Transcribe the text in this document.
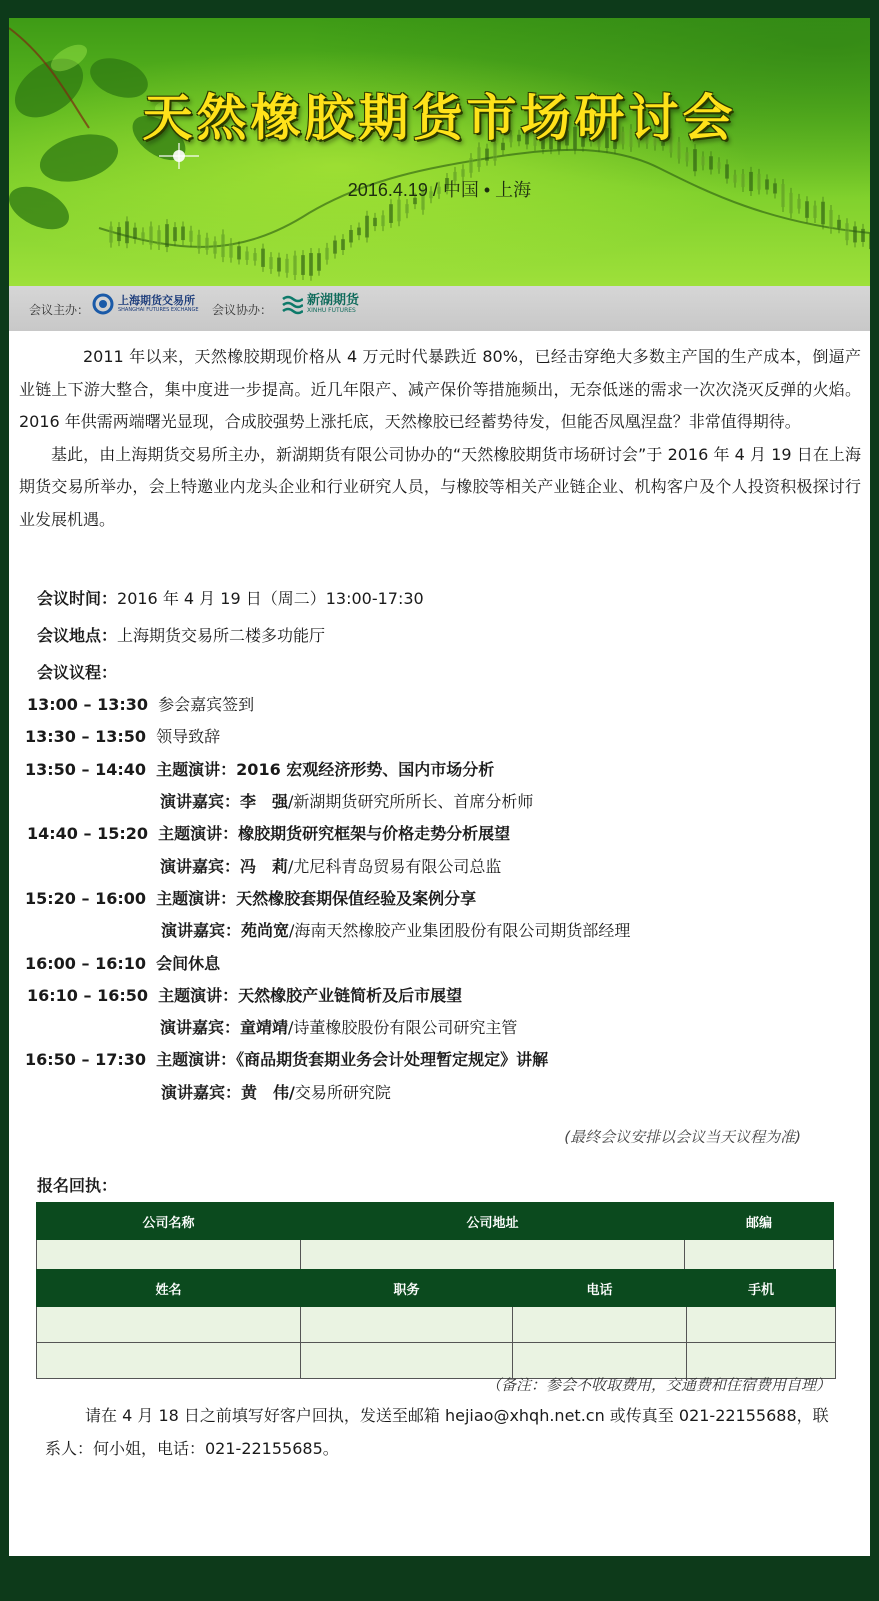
天然橡胶期货市场研讨会
2016.4.19 / 中国 • 上海
会议主办：
上海期货交易所
SHANGHAI FUTURES EXCHANGE 会议协办：
新湖期货
XINHU FUTURES

2011 年以来，天然橡胶期现价格从 4 万元时代暴跌近 80%，已经击穿绝大多数主产国的生产成本，倒逼产业链上下游大整合，集中度进一步提高。近几年限产、减产保价等措施频出，无奈低迷的需求一次次浇灭反弹的火焰。2016 年供需两端曙光显现，合成胶强势上涨托底，天然橡胶已经蓄势待发，但能否凤凰涅盘？非常值得期待。

基此，由上海期货交易所主办，新湖期货有限公司协办的“天然橡胶期货市场研讨会”于 2016 年 4 月 19 日在上海期货交易所举办，会上特邀业内龙头企业和行业研究人员，与橡胶等相关产业链企业、机构客户及个人投资积极探讨行业发展机遇。

会议时间：2016 年 4 月 19 日（周二）13:00-17:30
会议地点：上海期货交易所二楼多功能厅
会议议程：
13:00 – 13:30 参会嘉宾签到
13:30 – 13:50 领导致辞
13:50 – 14:40 主题演讲：2016 宏观经济形势、国内市场分析
演讲嘉宾：李　强/新湖期货研究所所长、首席分析师
14:40 – 15:20 主题演讲：橡胶期货研究框架与价格走势分析展望
演讲嘉宾：冯　莉/尤尼科青岛贸易有限公司总监
15:20 – 16:00 主题演讲：天然橡胶套期保值经验及案例分享
演讲嘉宾：苑尚宽/海南天然橡胶产业集团股份有限公司期货部经理
16:00 – 16:10 会间休息
16:10 – 16:50 主题演讲：天然橡胶产业链简析及后市展望
演讲嘉宾：童靖靖/诗董橡胶股份有限公司研究主管
16:50 – 17:30 主题演讲：《商品期货套期业务会计处理暂定规定》讲解
演讲嘉宾：黄　伟/交易所研究院
(最终会议安排以会议当天议程为准)
报名回执：
公司名称	公司地址	邮编

姓名	职务	电话	手机

（备注：参会不收取费用，交通费和住宿费用自理）

请在 4 月 18 日之前填写好客户回执，发送至邮箱 hejiao@xhqh.net.cn 或传真至 021-22155688，联系人：何小姐，电话：021-22155685。

::: 新湖期货版权所有 :::
